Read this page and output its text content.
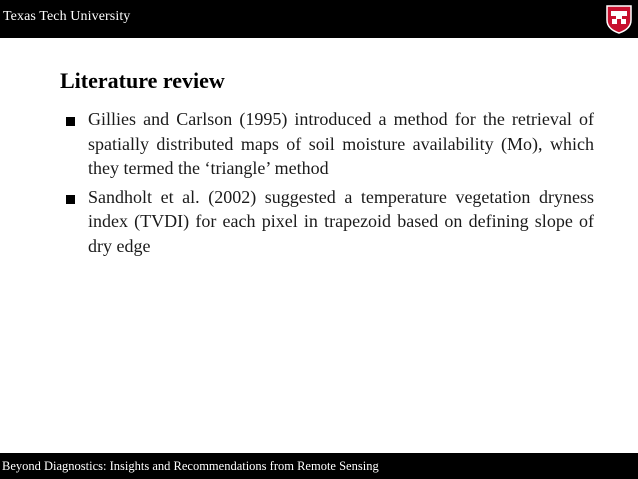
Texas Tech University
Literature review
Gillies and Carlson (1995) introduced a method for the retrieval of spatially distributed maps of soil moisture availability (Mo), which they termed the ‘triangle’ method
Sandholt et al. (2002) suggested a temperature vegetation dryness index (TVDI) for each pixel in trapezoid based on defining slope of dry edge
Beyond Diagnostics: Insights and Recommendations from Remote Sensing
